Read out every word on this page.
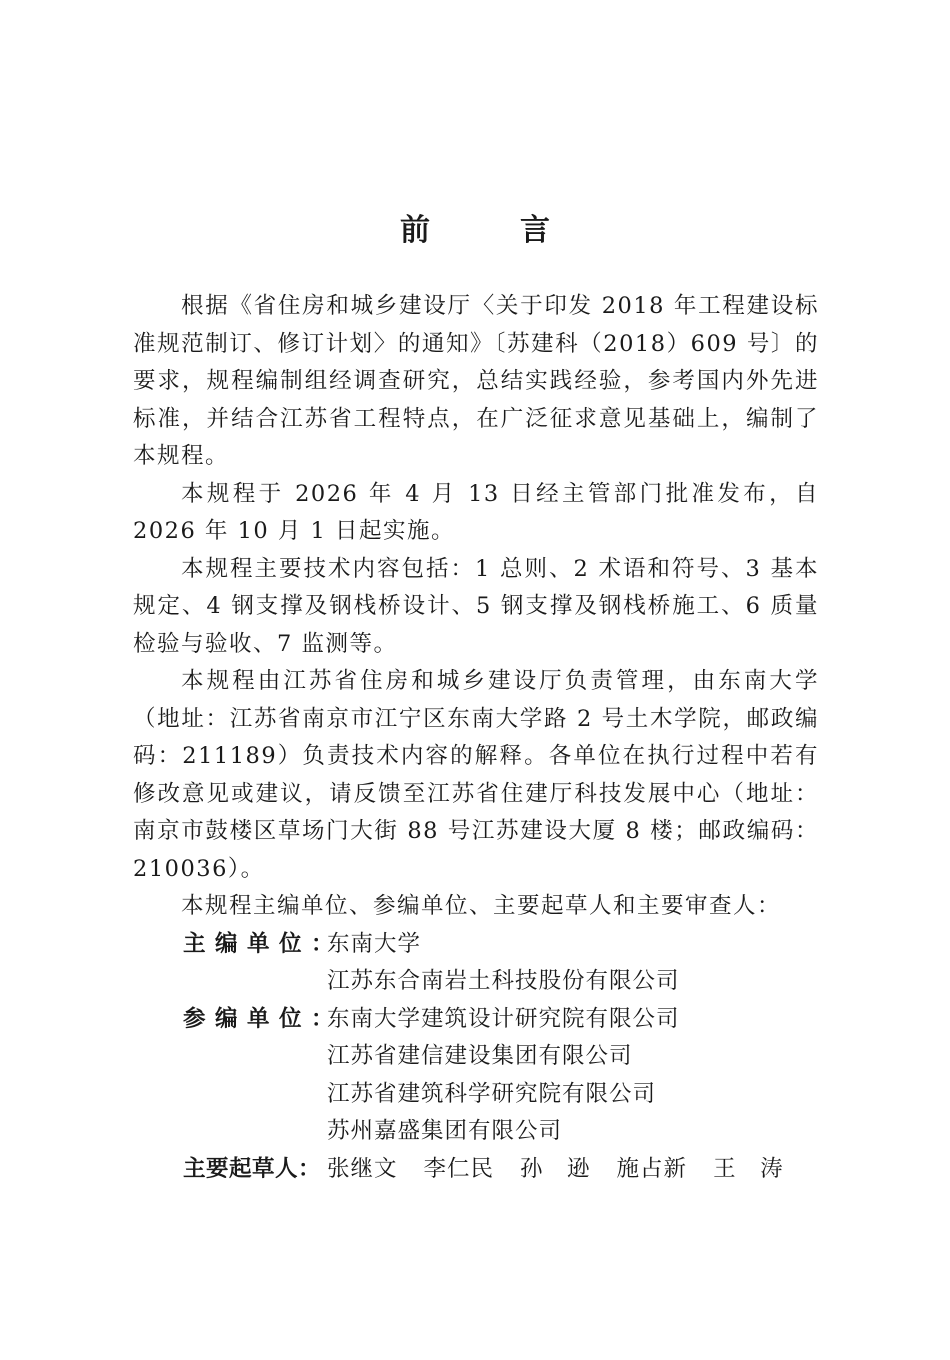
前　言

根据《省住房和城乡建设厅〈关于印发 2018 年工程建设标准规范制订、修订计划〉的通知》〔苏建科（2018）609 号〕的要求，规程编制组经调查研究，总结实践经验，参考国内外先进标准，并结合江苏省工程特点，在广泛征求意见基础上，编制了本规程。

本规程于 2026 年 4 月 13 日经主管部门批准发布，自 2026 年 10 月 1 日起实施。

本规程主要技术内容包括：1 总则、2 术语和符号、3 基本规定、4 钢支撑及钢栈桥设计、5 钢支撑及钢栈桥施工、6 质量检验与验收、7 监测等。

本规程由江苏省住房和城乡建设厅负责管理，由东南大学（地址：江苏省南京市江宁区东南大学路 2 号土木学院，邮政编码：211189）负责技术内容的解释。各单位在执行过程中若有修改意见或建议，请反馈至江苏省住建厅科技发展中心（地址：南京市鼓楼区草场门大街 88 号江苏建设大厦 8 楼；邮政编码：210036）。

本规程主编单位、参编单位、主要起草人和主要审查人：

主编单位：
东南大学
江苏东合南岩土科技股份有限公司
参编单位：
东南大学建筑设计研究院有限公司
江苏省建信建设集团有限公司
江苏省建筑科学研究院有限公司
苏州嘉盛集团有限公司
主要起草人： 张继文 李仁民 孙　逊 施占新 王　涛
